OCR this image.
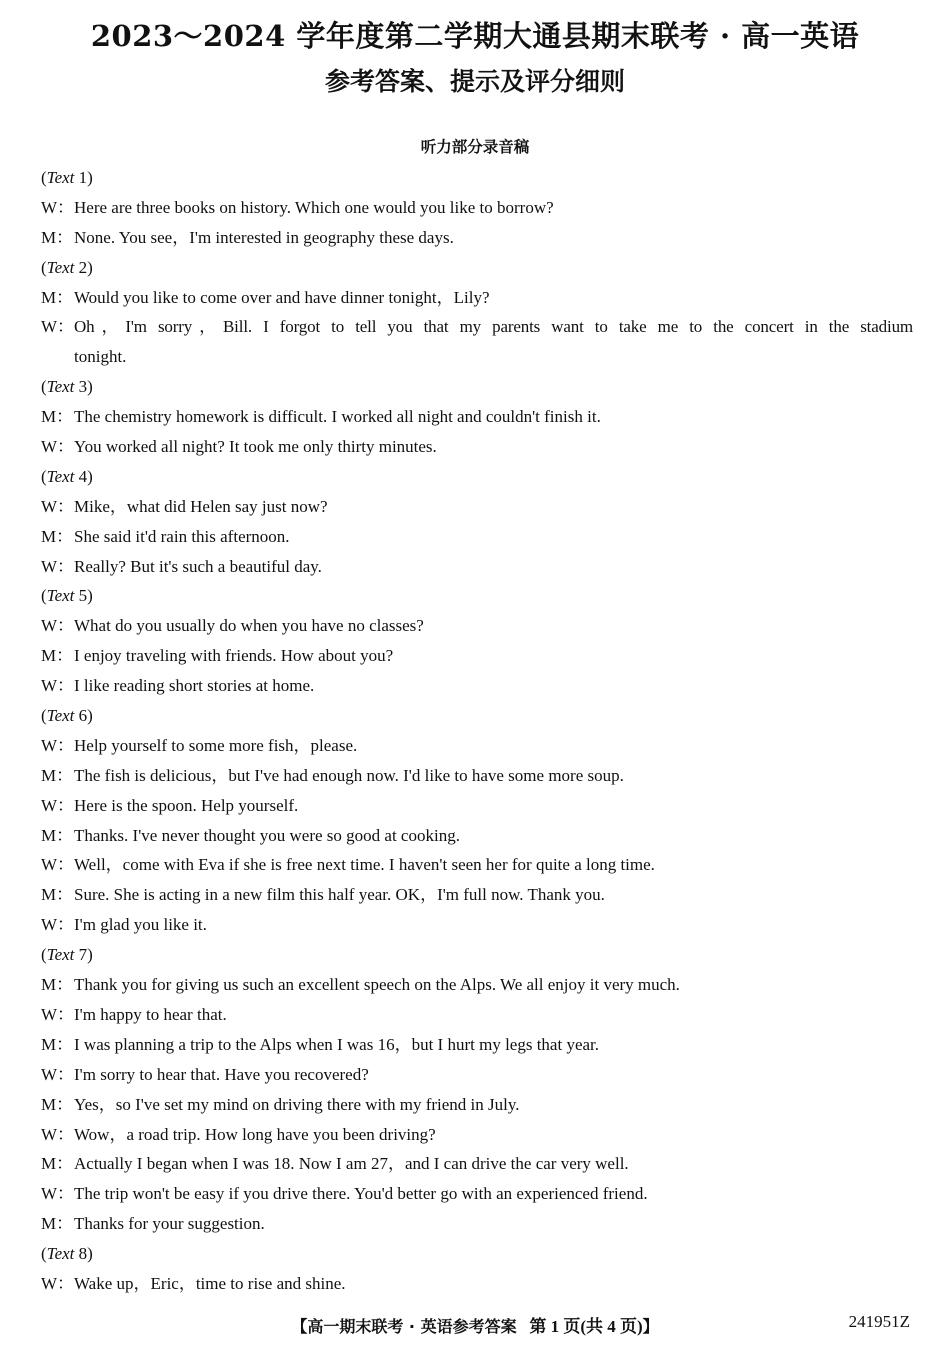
2023～2024 学年度第二学期大通县期末联考 · 高一英语
参考答案、提示及评分细则
听力部分录音稿
(Text 1)
W：Here are three books on history. Which one would you like to borrow?
M：None. You see，I'm interested in geography these days.
(Text 2)
M：Would you like to come over and have dinner tonight，Lily?
W： Oh，I'm sorry，Bill. I forgot to tell you that my parents want to take me to the concert in the stadium
tonight.
(Text 3)
M：The chemistry homework is difficult. I worked all night and couldn't finish it.
W：You worked all night? It took me only thirty minutes.
(Text 4)
W：Mike，what did Helen say just now?
M：She said it'd rain this afternoon.
W：Really? But it's such a beautiful day.
(Text 5)
W：What do you usually do when you have no classes?
M：I enjoy traveling with friends. How about you?
W：I like reading short stories at home.
(Text 6)
W：Help yourself to some more fish，please.
M：The fish is delicious，but I've had enough now. I'd like to have some more soup.
W：Here is the spoon. Help yourself.
M：Thanks. I've never thought you were so good at cooking.
W：Well，come with Eva if she is free next time. I haven't seen her for quite a long time.
M：Sure. She is acting in a new film this half year. OK，I'm full now. Thank you.
W：I'm glad you like it.
(Text 7)
M：Thank you for giving us such an excellent speech on the Alps. We all enjoy it very much.
W：I'm happy to hear that.
M：I was planning a trip to the Alps when I was 16，but I hurt my legs that year.
W：I'm sorry to hear that. Have you recovered?
M：Yes，so I've set my mind on driving there with my friend in July.
W：Wow，a road trip. How long have you been driving?
M：Actually I began when I was 18. Now I am 27，and I can drive the car very well.
W：The trip won't be easy if you drive there. You'd better go with an experienced friend.
M：Thanks for your suggestion.
(Text 8)
W：Wake up，Eric，time to rise and shine.
【高一期末联考 · 英语参考答案 第 1 页(共 4 页)】	241951Z
